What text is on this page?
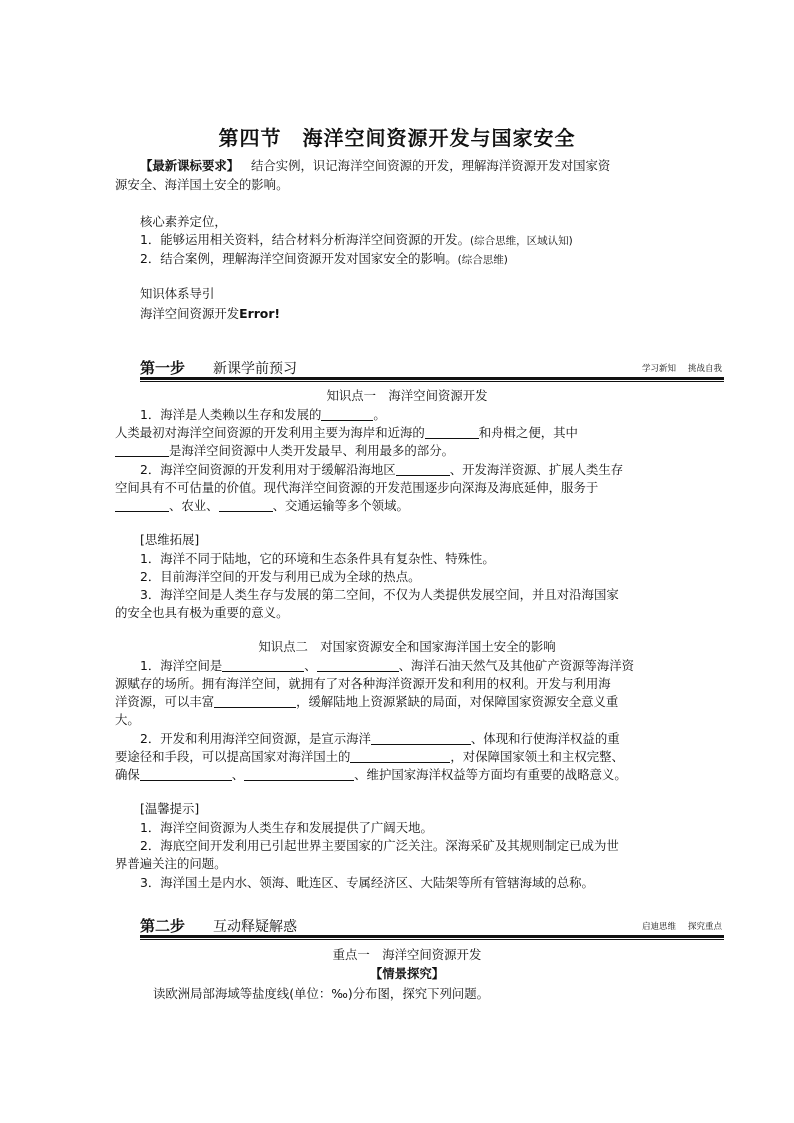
第四节　海洋空间资源开发与国家安全
【最新课标要求】 结合实例，识记海洋空间资源的开发，理解海洋资源开发对国家资
源安全、海洋国土安全的影响。
核心素养定位，
1．能够运用相关资料，结合材料分析海洋空间资源的开发。(综合思维，区域认知)
2．结合案例，理解海洋空间资源开发对国家安全的影响。(综合思维)
知识体系导引
海洋空间资源开发Error!
第一步 新课学前预习	学习新知 挑战自我
知识点一　海洋空间资源开发
1．海洋是人类赖以生存和发展的	。
人类最初对海洋空间资源的开发利用主要为海岸和近海的	和舟楫之便，其中
是海洋空间资源中人类开发最早、利用最多的部分。
2．海洋空间资源的开发利用对于缓解沿海地区	、开发海洋资源、扩展人类生存
空间具有不可估量的价值。现代海洋空间资源的开发范围逐步向深海及海底延伸，服务于
、农业、	、交通运输等多个领域。
[思维拓展]
1．海洋不同于陆地，它的环境和生态条件具有复杂性、特殊性。
2．目前海洋空间的开发与利用已成为全球的热点。
3．海洋空间是人类生存与发展的第二空间，不仅为人类提供发展空间，并且对沿海国家
的安全也具有极为重要的意义。
知识点二　对国家资源安全和国家海洋国土安全的影响
1．海洋空间是	、	、海洋石油天然气及其他矿产资源等海洋资
源赋存的场所。拥有海洋空间，就拥有了对各种海洋资源开发和利用的权利。开发与利用海
洋资源，可以丰富	，缓解陆地上资源紧缺的局面，对保障国家资源安全意义重
大。
2．开发和利用海洋空间资源，是宣示海洋	、体现和行使海洋权益的重
要途径和手段，可以提高国家对海洋国土的	，对保障国家领土和主权完整、
确保	、	、维护国家海洋权益等方面均有重要的战略意义。
[温馨提示]
1．海洋空间资源为人类生存和发展提供了广阔天地。
2．海底空间开发利用已引起世界主要国家的广泛关注。深海采矿及其规则制定已成为世
界普遍关注的问题。
3．海洋国土是内水、领海、毗连区、专属经济区、大陆架等所有管辖海域的总称。
第二步 互动释疑解惑	启迪思维 探究重点
重点一　海洋空间资源开发
【情景探究】
读欧洲局部海域等盐度线(单位：‰)分布图，探究下列问题。
